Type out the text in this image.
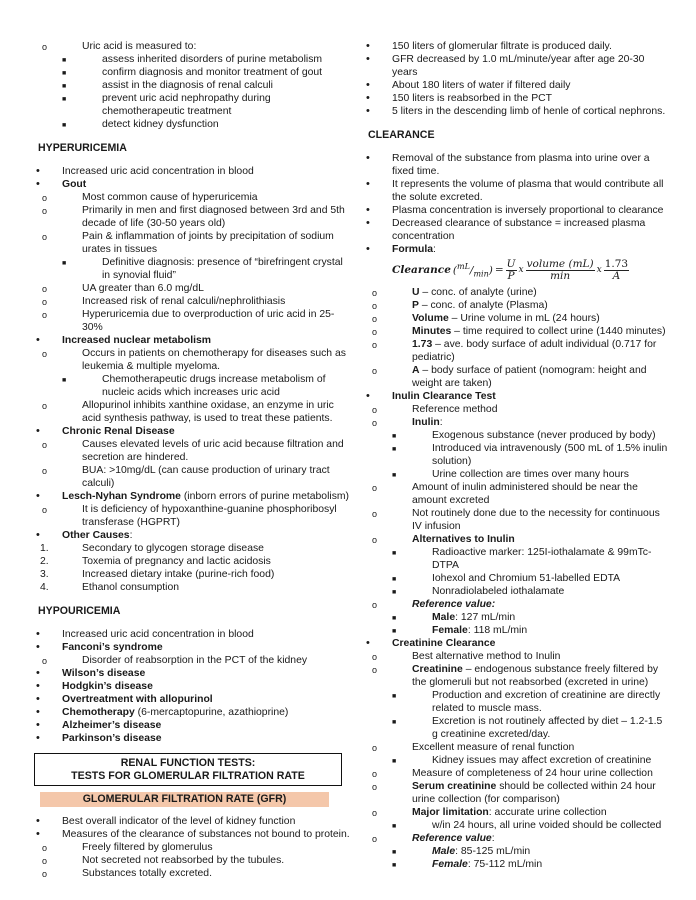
o	Uric acid is measured to:
■	assess inherited disorders of purine metabolism
■	confirm diagnosis and monitor treatment of gout
■	assist in the diagnosis of renal calculi
■	prevent uric acid nephropathy during chemotherapeutic treatment
■	detect kidney dysfunction
HYPERURICEMIA
• Increased uric acid concentration in blood
• Gout
o	Most common cause of hyperuricemia
o	Primarily in men and first diagnosed between 3rd and 5th decade of life (30-50 years old)
o	Pain & inflammation of joints by precipitation of sodium urates in tissues
■	Definitive diagnosis: presence of “birefringent crystal in synovial fluid”
o	UA greater than 6.0 mg/dL
o	Increased risk of renal calculi/nephrolithiasis
o	Hyperuricemia due to overproduction of uric acid in 25-30%
• Increased nuclear metabolism
o	Occurs in patients on chemotherapy for diseases such as leukemia & multiple myeloma.
■	Chemotherapeutic drugs increase metabolism of nucleic acids which increases uric acid
o	Allopurinol inhibits xanthine oxidase, an enzyme in uric acid synthesis pathway, is used to treat these patients.
• Chronic Renal Disease
o	Causes elevated levels of uric acid because filtration and secretion are hindered.
o	BUA: >10mg/dL (can cause production of urinary tract calculi)
• Lesch-Nyhan Syndrome (inborn errors of purine metabolism)
o	It is deficiency of hypoxanthine-guanine phosphoribosyl transferase (HGPRT)
• Other Causes:
1.	Secondary to glycogen storage disease
2.	Toxemia of pregnancy and lactic acidosis
3.	Increased dietary intake (purine-rich food)
4.	Ethanol consumption
HYPOURICEMIA
• Increased uric acid concentration in blood
• Fanconi’s syndrome
o	Disorder of reabsorption in the PCT of the kidney
• Wilson’s disease
• Hodgkin’s disease
• Overtreatment with allopurinol
• Chemotherapy (6-mercaptopurine, azathioprine)
• Alzheimer’s disease
• Parkinson’s disease
RENAL FUNCTION TESTS:
TESTS FOR GLOMERULAR FILTRATION RATE
GLOMERULAR FILTRATION RATE (GFR)
• Best overall indicator of the level of kidney function
• Measures of the clearance of substances not bound to protein.
o	Freely filtered by glomerulus
o	Not secreted not reabsorbed by the tubules.
o	Substances totally excreted.
• 150 liters of glomerular filtrate is produced daily.
• GFR decreased by 1.0 mL/minute/year after age 20-30 years
• About 180 liters of water if filtered daily
• 150 liters is reabsorbed in the PCT
• 5 liters in the descending limb of henle of cortical nephrons.
CLEARANCE
• Removal of the substance from plasma into urine over a fixed time.
• It represents the volume of plasma that would contribute all the solute excreted.
• Plasma concentration is inversely proportional to clearance
• Decreased clearance of substance = increased plasma concentration
• Formula:
Clearance $(^{mL}/_{min}) = \frac{U}{P}$ x $\frac{\text{volume (mL)}}{\min}$ x $\frac{1.73}{A}$
o	U – conc. of analyte (urine)
o	P – conc. of analyte (Plasma)
o	Volume – Urine volume in mL (24 hours)
o	Minutes – time required to collect urine (1440 minutes)
o	1.73 – ave. body surface of adult individual (0.717 for pediatric)
o	A – body surface of patient (nomogram: height and weight are taken)
• Inulin Clearance Test
o	Reference method
o	Inulin:
■	Exogenous substance (never produced by body)
■	Introduced via intravenously (500 mL of 1.5% inulin solution)
■	Urine collection are times over many hours
o	Amount of inulin administered should be near the amount excreted
o	Not routinely done due to the necessity for continuous IV infusion
o	Alternatives to Inulin
■	Radioactive marker: 125I-iothalamate & 99mTc-DTPA
■	Iohexol and Chromium 51-labelled EDTA
■	Nonradiolabeled iothalamate
o	Reference value:
■	Male: 127 mL/min
■	Female: 118 mL/min
• Creatinine Clearance
o	Best alternative method to Inulin
o	Creatinine – endogenous substance freely filtered by the glomeruli but not reabsorbed (excreted in urine)
■	Production and excretion of creatinine are directly related to muscle mass.
■	Excretion is not routinely affected by diet – 1.2-1.5 g creatinine excreted/day.
o	Excellent measure of renal function
■	Kidney issues may affect excretion of creatinine
o	Measure of completeness of 24 hour urine collection
o	Serum creatinine should be collected within 24 hour urine collection (for comparison)
o	Major limitation: accurate urine collection
■	w/in 24 hours, all urine voided should be collected
o	Reference value:
■	Male: 85-125 mL/min
■	Female: 75-112 mL/min
